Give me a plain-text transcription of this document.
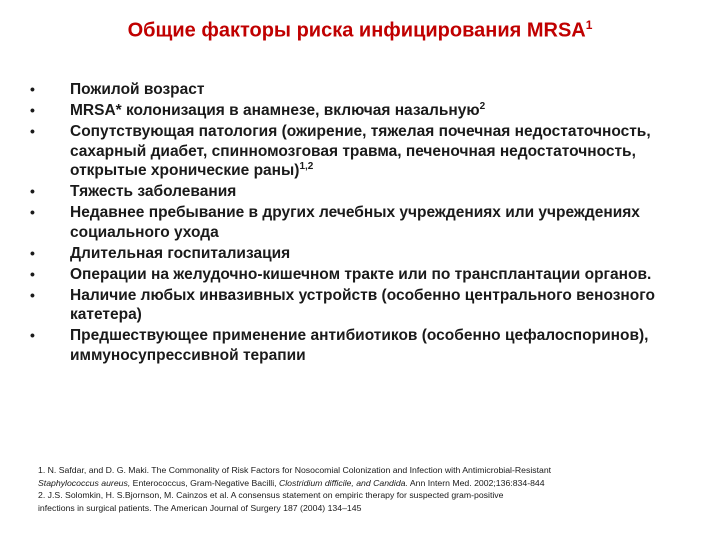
Общие факторы риска инфицирования MRSA$^1$
• Пожилой возраст
• MRSA* колонизация в анамнезе, включая назальную$^2$
• Сопутствующая патология (ожирение, тяжелая почечная недостаточность, сахарный диабет, спинномозговая травма, печеночная недостаточность, открытые хронические раны)$^{1,2}$
• Тяжесть заболевания
• Недавнее пребывание в других лечебных учреждениях или учреждениях социального ухода
• Длительная госпитализация
• Операции на желудочно-кишечном тракте или по трансплантации органов.
• Наличие любых инвазивных устройств (особенно центрального венозного катетера)
• Предшествующее применение антибиотиков (особенно цефалоспоринов), иммуносупрессивной терапии

1. N. Safdar, and D. G. Maki. The Commonality of Risk Factors for Nosocomial Colonization and Infection with Antimicrobial-Resistant
Staphylococcus aureus, Enterococcus, Gram-Negative Bacilli, Clostridium difficile, and Candida. Ann Intern Med. 2002;136:834-844

2. J.S. Solomkin, H. S.Bjornson, M. Cainzos et al. A consensus statement on empiric therapy for suspected gram-positive
infections in surgical patients. The American Journal of Surgery 187 (2004) 134–145
